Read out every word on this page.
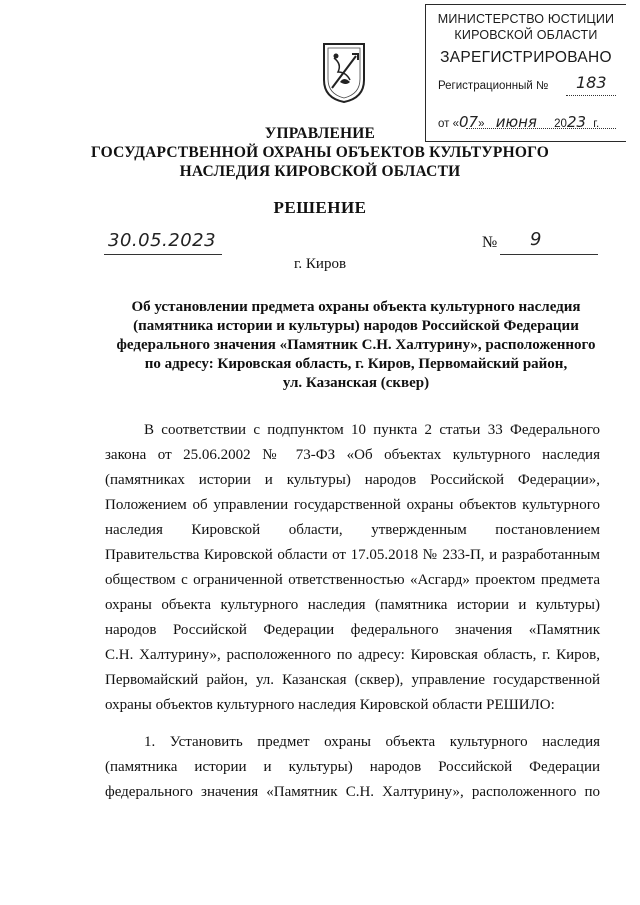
МИНИСТЕРСТВО ЮСТИЦИИ
КИРОВСКОЙ ОБЛАСТИ
ЗАРЕГИСТРИРОВАНО
Регистрационный № 183
от «07» июня 2023 г.
УПРАВЛЕНИЕ
ГОСУДАРСТВЕННОЙ ОХРАНЫ ОБЪЕКТОВ КУЛЬТУРНОГО
НАСЛЕДИЯ КИРОВСКОЙ ОБЛАСТИ
РЕШЕНИЕ
30.05.2023	№ 9
г. Киров
Об установлении предмета охраны объекта культурного наследия
(памятника истории и культуры) народов Российской Федерации
федерального значения «Памятник С.Н. Халтурину», расположенного
по адресу: Кировская область, г. Киров, Первомайский район,
ул. Казанская (сквер)
В соответствии с подпунктом 10 пункта 2 статьи 33 Федерального
закона от 25.06.2002 № 73-ФЗ «Об объектах культурного наследия
(памятниках истории и культуры) народов Российской Федерации»,
Положением об управлении государственной охраны объектов культурного
наследия Кировской области, утвержденным постановлением
Правительства Кировской области от 17.05.2018 № 233-П, и разработанным
обществом с ограниченной ответственностью «Асгард» проектом предмета
охраны объекта культурного наследия (памятника истории и культуры)
народов Российской Федерации федерального значения «Памятник
С.Н. Халтурину», расположенного по адресу: Кировская область, г. Киров,
Первомайский район, ул. Казанская (сквер), управление государственной
охраны объектов культурного наследия Кировской области РЕШИЛО:
1. Установить предмет охраны объекта культурного наследия
(памятника истории и культуры) народов Российской Федерации
федерального значения «Памятник С.Н. Халтурину», расположенного по
